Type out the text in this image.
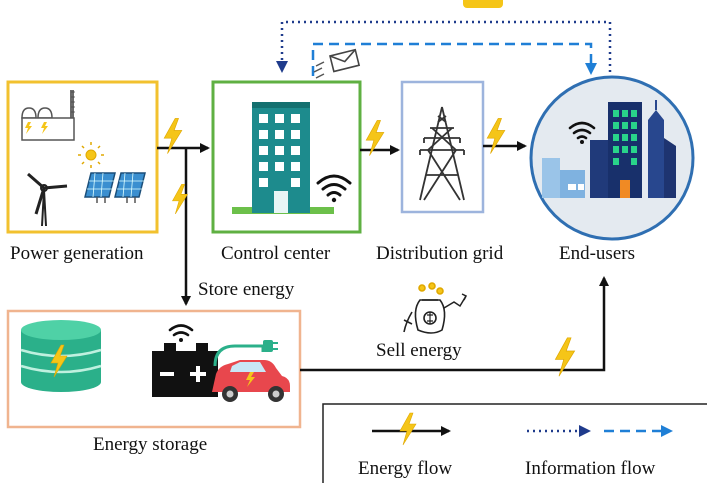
Power generation	Control center Distribution grid	End-users
Store energy
Sell energy
Energy storage
Energy flow	Information flow
